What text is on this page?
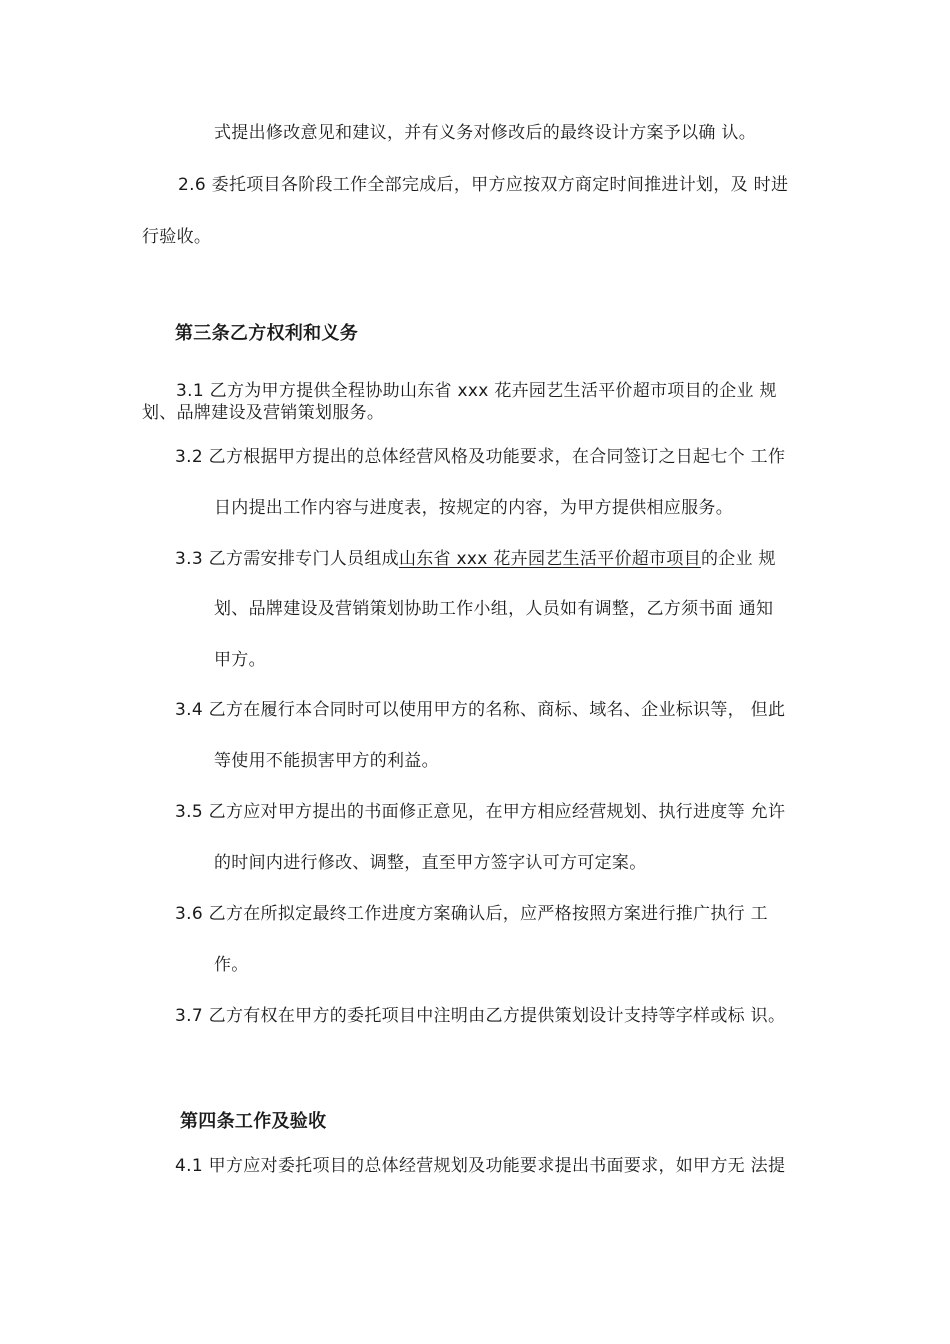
式提出修改意见和建议，并有义务对修改后的最终设计方案予以确 认。
2.6 委托项目各阶段工作全部完成后，甲方应按双方商定时间推进计划，及 时进
行验收。
第三条乙方权利和义务
3.1 乙方为甲方提供全程协助山东省 xxx 花卉园艺生活平价超市项目的企业 规
划、品牌建设及营销策划服务。
3.2 乙方根据甲方提出的总体经营风格及功能要求，在合同签订之日起七个 工作
日内提出工作内容与进度表，按规定的内容，为甲方提供相应服务。
3.3 乙方需安排专门人员组成山东省 xxx 花卉园艺生活平价超市项目的企业 规
划、品牌建设及营销策划协助工作小组，人员如有调整，乙方须书面 通知
甲方。
3.4 乙方在履行本合同时可以使用甲方的名称、商标、域名、企业标识等， 但此
等使用不能损害甲方的利益。
3.5 乙方应对甲方提出的书面修正意见，在甲方相应经营规划、执行进度等 允许
的时间内进行修改、调整，直至甲方签字认可方可定案。
3.6 乙方在所拟定最终工作进度方案确认后，应严格按照方案进行推广执行 工
作。
3.7 乙方有权在甲方的委托项目中注明由乙方提供策划设计支持等字样或标 识。
第四条工作及验收
4.1 甲方应对委托项目的总体经营规划及功能要求提出书面要求，如甲方无 法提
